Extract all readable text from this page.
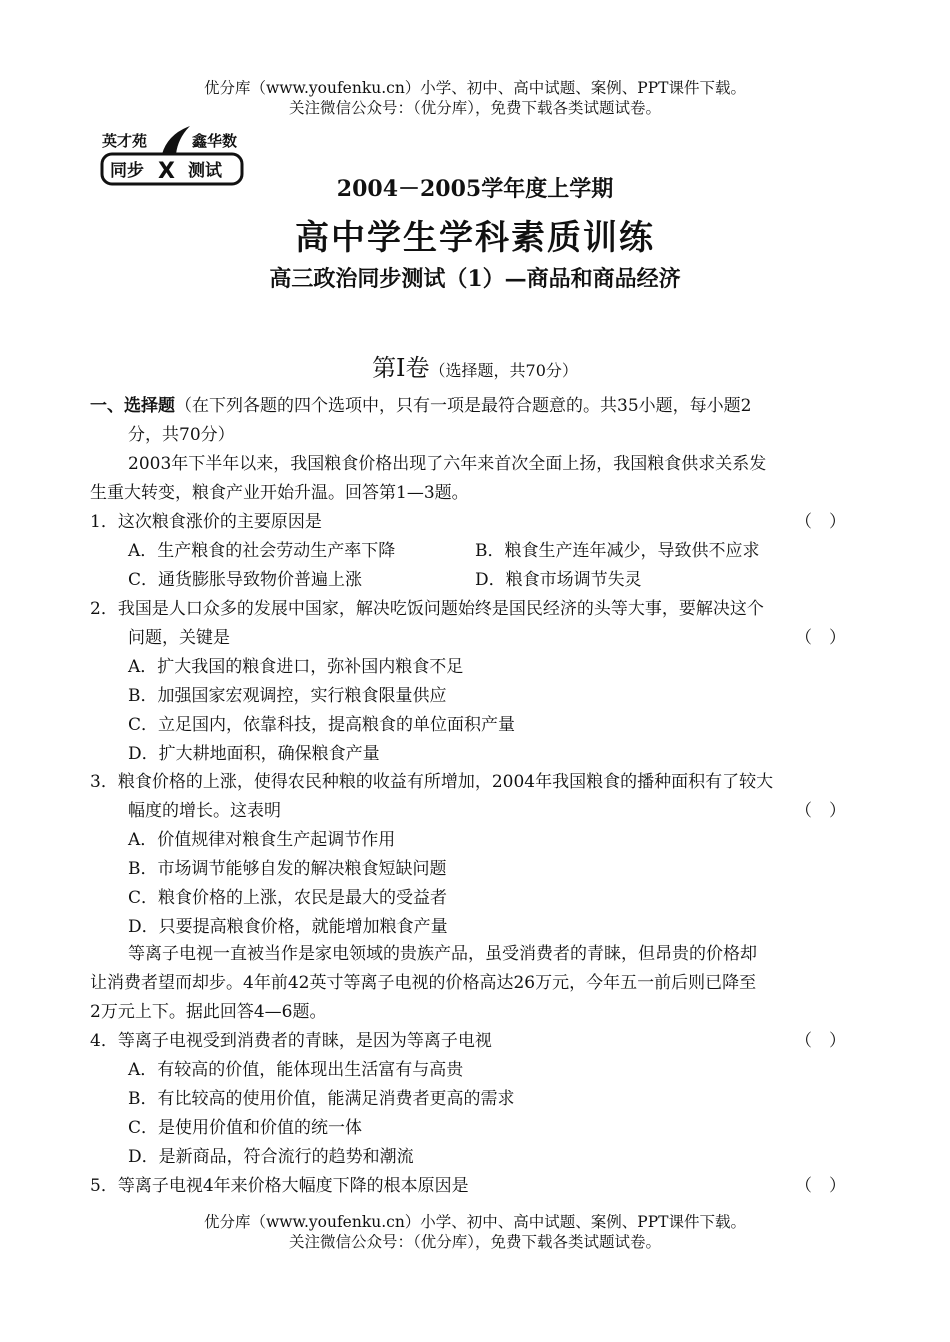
优分库（www.youfenku.cn）小学、初中、高中试题、案例、PPT课件下载。
关注微信公众号：（优分库），免费下载各类试题试卷。
英才苑	鑫华数
同步 X 测试
2004－2005学年度上学期
高中学生学科素质训练
高三政治同步测试（1）—商品和商品经济
第Ⅰ卷（选择题，共70分）
一、选择题（在下列各题的四个选项中，只有一项是最符合题意的。共35小题，每小题2
分，共70分）
2003年下半年以来，我国粮食价格出现了六年来首次全面上扬，我国粮食供求关系发
生重大转变，粮食产业开始升温。回答第1—3题。
1．这次粮食涨价的主要原因是	（　）
A．生产粮食的社会劳动生产率下降	B．粮食生产连年减少，导致供不应求
C．通货膨胀导致物价普遍上涨	D．粮食市场调节失灵
2．我国是人口众多的发展中国家，解决吃饭问题始终是国民经济的头等大事，要解决这个
问题，关键是	（　）
A．扩大我国的粮食进口，弥补国内粮食不足
B．加强国家宏观调控，实行粮食限量供应
C．立足国内，依靠科技，提高粮食的单位面积产量
D．扩大耕地面积，确保粮食产量
3．粮食价格的上涨，使得农民种粮的收益有所增加，2004年我国粮食的播种面积有了较大
幅度的增长。这表明	（　）
A．价值规律对粮食生产起调节作用
B．市场调节能够自发的解决粮食短缺问题
C．粮食价格的上涨，农民是最大的受益者
D．只要提高粮食价格，就能增加粮食产量
等离子电视一直被当作是家电领域的贵族产品，虽受消费者的青睐，但昂贵的价格却
让消费者望而却步。4年前42英寸等离子电视的价格高达26万元，今年五一前后则已降至
2万元上下。据此回答4—6题。
4．等离子电视受到消费者的青睐，是因为等离子电视	（　）
A．有较高的价值，能体现出生活富有与高贵
B．有比较高的使用价值，能满足消费者更高的需求
C．是使用价值和价值的统一体
D．是新商品，符合流行的趋势和潮流
5．等离子电视4年来价格大幅度下降的根本原因是	（　）
优分库（www.youfenku.cn）小学、初中、高中试题、案例、PPT课件下载。
关注微信公众号：（优分库），免费下载各类试题试卷。
